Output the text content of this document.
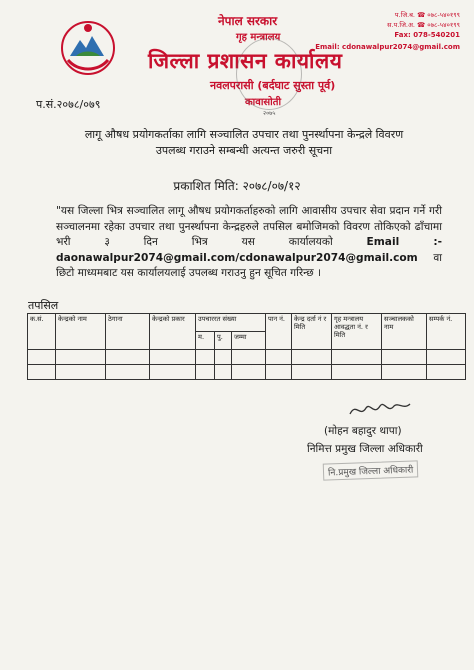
नेपाल सरकार
गृह मन्त्रालय
जिल्ला प्रशासन कार्यालय
नवलपरासी (बर्दघाट सुस्ता पूर्व)
कावासोती
२०७५
प.जि.ब. ☎ ०७८-५४०१९९
स.प.जि.अ. ☎ ०७८-५४०१९९
Fax: 078-540201
Email: cdonawalpur2074@gmail.com
प.सं.२०७८/०७९
लागू औषध प्रयोगकर्ताका लागि सञ्चालित उपचार तथा पुनर्स्थापना केन्द्रले विवरण
उपलब्ध गराउने सम्बन्धी अत्यन्त जरुरी सूचना
प्रकाशित मिति: २०७८/०७/१२
"यस जिल्ला भित्र सञ्चालित लागू औषध प्रयोगकर्ताहरुको लागि आवासीय उपचार सेवा प्रदान गर्ने गरी सञ्चालनमा रहेका उपचार तथा पुनर्स्थापना केन्द्रहरुले तपसिल बमोजिमको विवरण तोकिएको ढाँचामा भरी ३ दिन भित्र यस कार्यालयको	Email :- daonawalpur2074@gmail.com/cdonawalpur2074@gmail.com वा छिटो माध्यमबाट यस कार्यालयलाई उपलब्ध गराउनु हुन सूचित गरिन्छ ।
तपसिल
क.सं.	केन्द्रको नाम	ठेगाना	केन्द्रको प्रकार	उपचाररत संख्या			पान नं.	केन्द्र दर्ता नं र मिति	गृह मन्त्रालय आवद्धता नं. र मिति	सञ्चालकको नाम	सम्पर्क नं.
				म.	पु.	जम्मा					

(मोहन बहादुर थापा)
निमित्त प्रमुख जिल्ला अधिकारी
नि.प्रमुख जिल्ला अधिकारी
